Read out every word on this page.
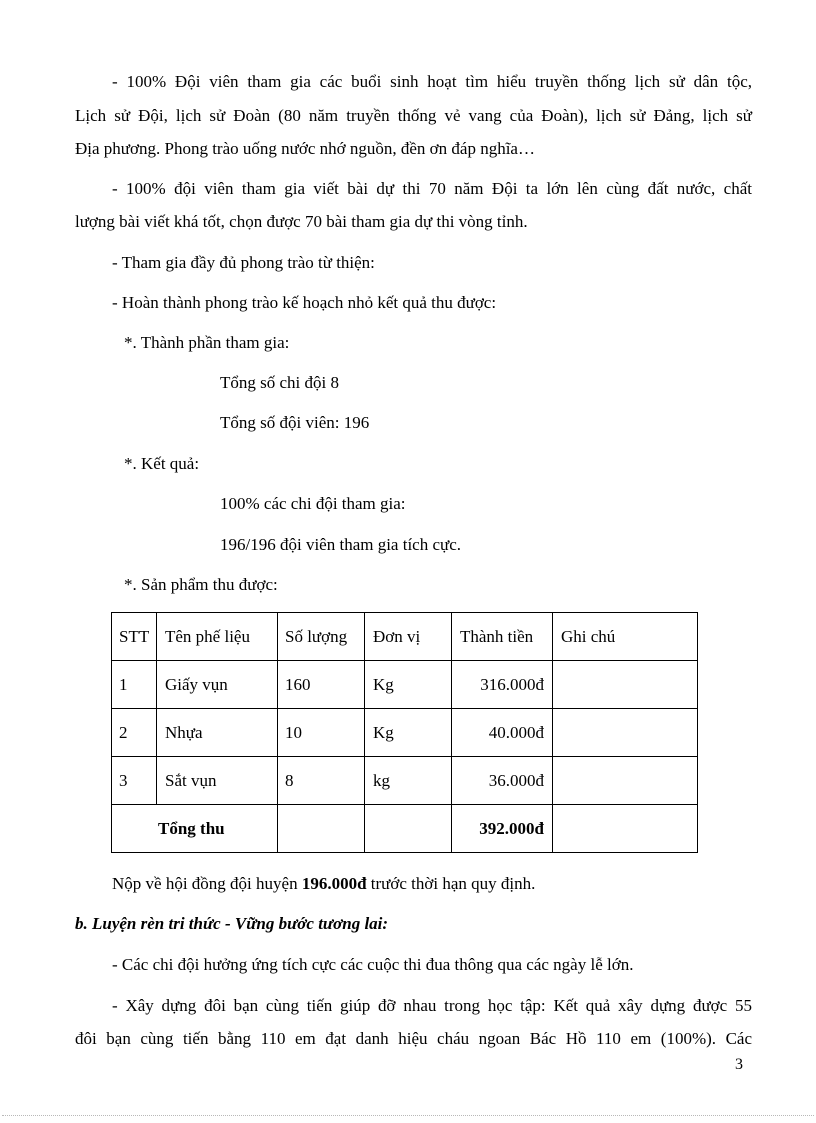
- 100% Đội viên tham gia các buổi sinh hoạt tìm hiểu truyền thống lịch sử dân tộc,
Lịch sử Đội, lịch sử Đoàn (80 năm truyền thống vẻ vang của Đoàn), lịch sử Đảng, lịch sử
Địa phương. Phong trào uống nước nhớ nguồn, đền ơn đáp nghĩa…
- 100% đội viên tham gia viết bài dự thi 70 năm Đội ta lớn lên cùng đất nước, chất
lượng bài viết khá tốt, chọn được 70 bài tham gia dự thi vòng tỉnh.
- Tham gia đầy đủ phong trào từ thiện:
- Hoàn thành phong trào kế hoạch nhỏ kết quả thu được:
*. Thành phần tham gia:
Tổng số chi đội 8
Tổng số đội viên: 196
*. Kết quả:
100% các chi đội tham gia:
196/196 đội viên tham gia tích cực.
*. Sản phẩm thu được:
STT	Tên phế liệu	Số lượng	Đơn vị	Thành tiền	Ghi chú
1	Giấy vụn	160	Kg	316.000đ	
2	Nhựa	10	Kg	40.000đ	
3	Sắt vụn	8	kg	36.000đ	
Tổng thu				392.000đ	
Nộp về hội đồng đội huyện 196.000đ trước thời hạn quy định.
b. Luyện rèn tri thức - Vững bước tương lai:
- Các chi đội hưởng ứng tích cực các cuộc thi đua thông qua các ngày lễ lớn.
- Xây dựng đôi bạn cùng tiến giúp đỡ nhau trong học tập: Kết quả xây dựng được 55
đôi bạn cùng tiến bằng 110 em đạt danh hiệu cháu ngoan Bác Hồ 110 em (100%). Các
3
